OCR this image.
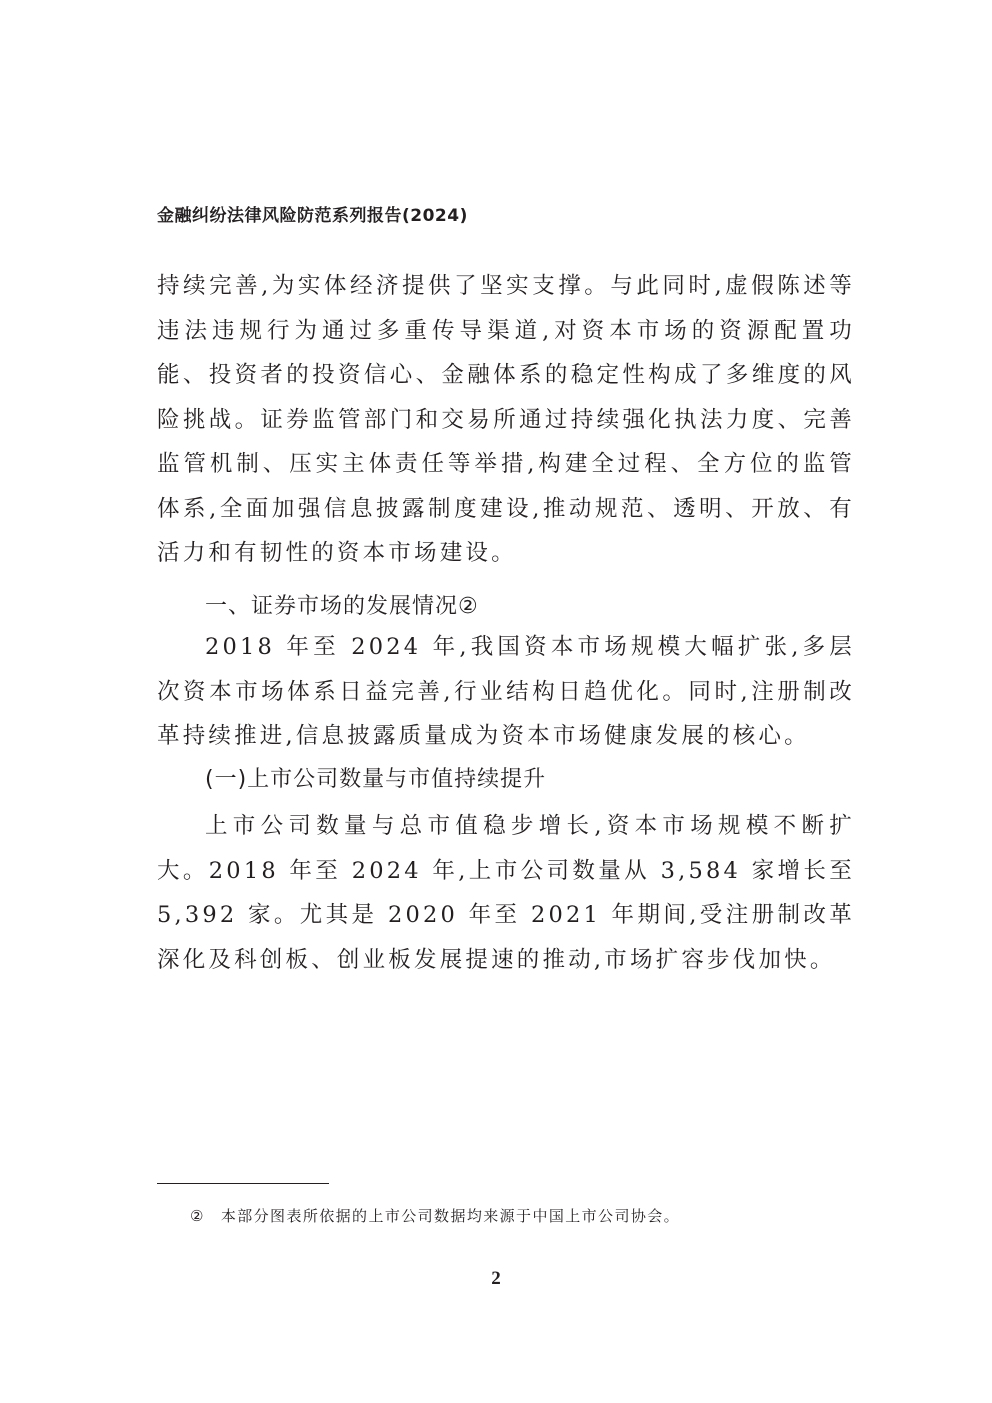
金融纠纷法律风险防范系列报告(2024)

持续完善,为实体经济提供了坚实支撑。与此同时,虚假陈述等违法违规行为通过多重传导渠道,对资本市场的资源配置功能、投资者的投资信心、金融体系的稳定性构成了多维度的风险挑战。证券监管部门和交易所通过持续强化执法力度、完善监管机制、压实主体责任等举措,构建全过程、全方位的监管体系,全面加强信息披露制度建设,推动规范、透明、开放、有活力和有韧性的资本市场建设。

一、证券市场的发展情况②

2018 年至 2024 年,我国资本市场规模大幅扩张,多层次资本市场体系日益完善,行业结构日趋优化。同时,注册制改革持续推进,信息披露质量成为资本市场健康发展的核心。

(一)上市公司数量与市值持续提升

上市公司数量与总市值稳步增长,资本市场规模不断扩大。2018 年至 2024 年,上市公司数量从 3,584 家增长至 5,392 家。尤其是 2020 年至 2021 年期间,受注册制改革深化及科创板、创业板发展提速的推动,市场扩容步伐加快。

② 本部分图表所依据的上市公司数据均来源于中国上市公司协会。
2
